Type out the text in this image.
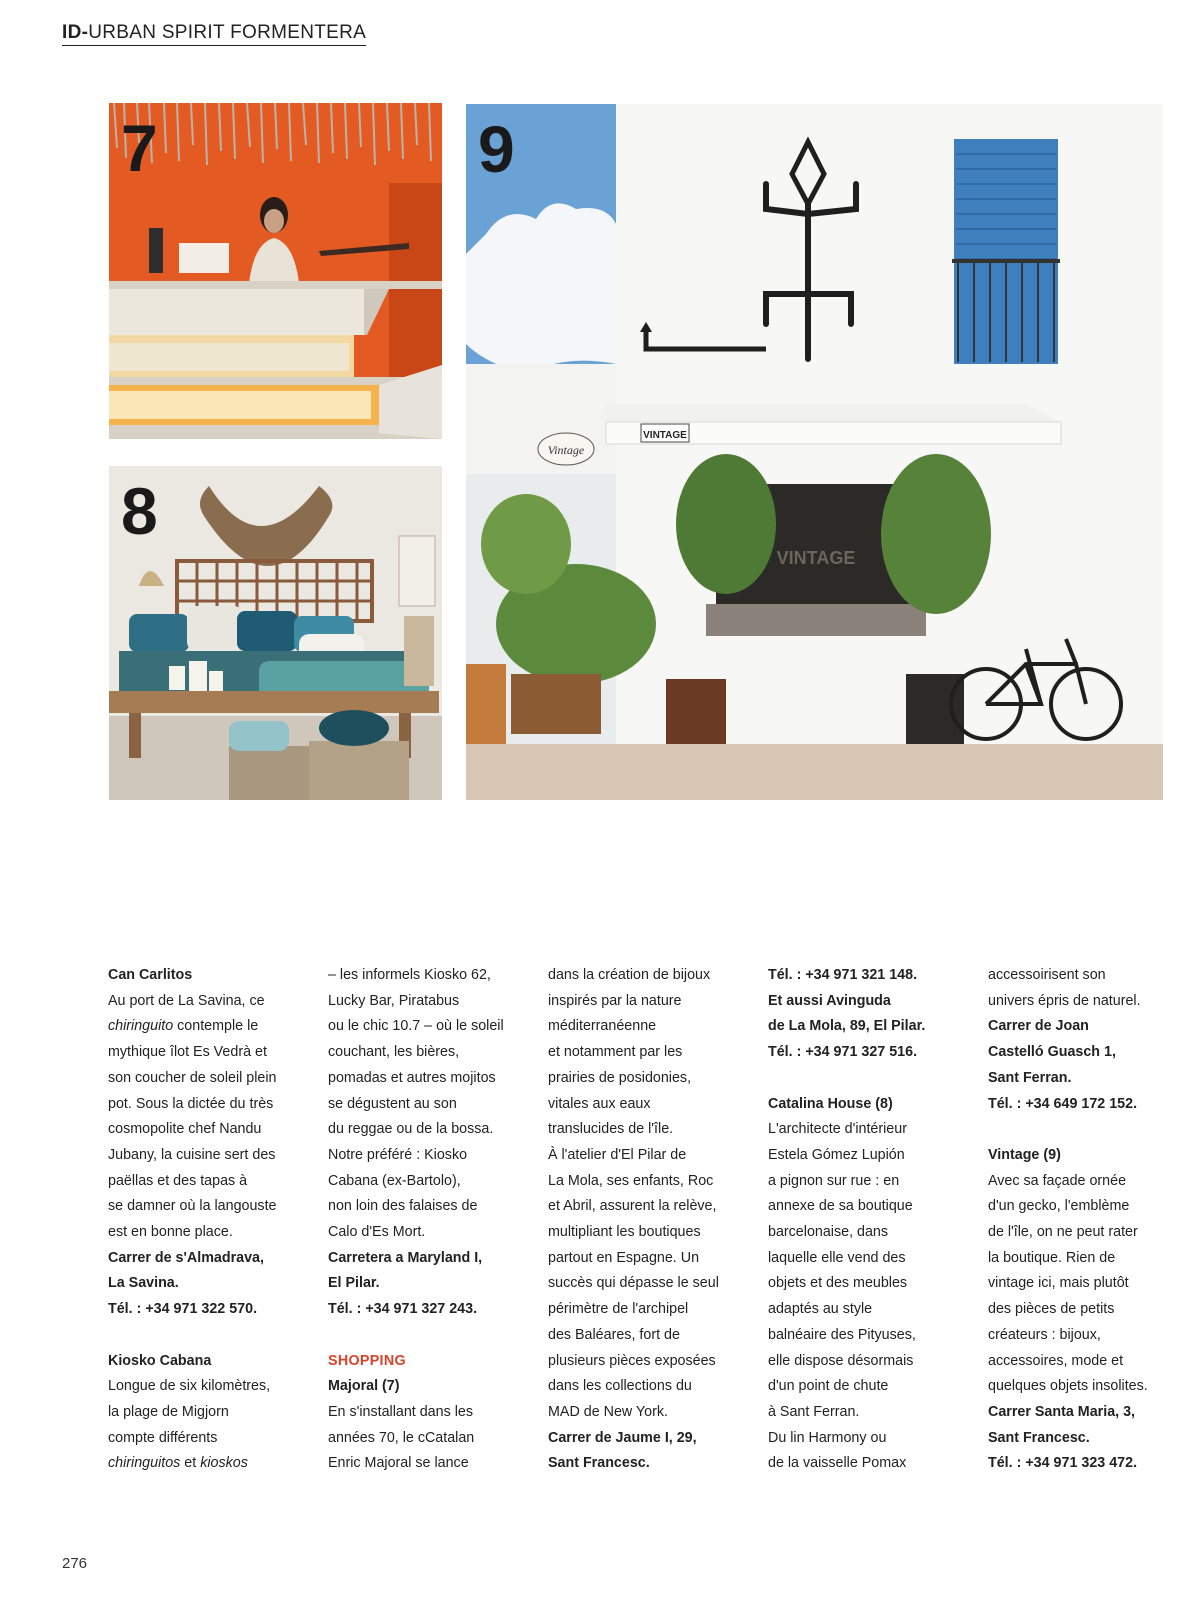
ID-URBAN SPIRIT FORMENTERA
7
8
VINTAGE
Vintage
VINTAGE
9
Can Carlitos
Au port de La Savina, ce
chiringuito contemple le
mythique îlot Es Vedrà et
son coucher de soleil plein
pot. Sous la dictée du très
cosmopolite chef Nandu
Jubany, la cuisine sert des
paëllas et des tapas à
se damner où la langouste
est en bonne place.
Carrer de s'Almadrava,
La Savina.
Tél. : +34 971 322 570.
Kiosko Cabana
Longue de six kilomètres,
la plage de Migjorn
compte différents
chiringuitos et kioskos
– les informels Kiosko 62,
Lucky Bar, Piratabus
ou le chic 10.7 – où le soleil
couchant, les bières,
pomadas et autres mojitos
se dégustent au son
du reggae ou de la bossa.
Notre préféré : Kiosko
Cabana (ex-Bartolo),
non loin des falaises de
Calo d'Es Mort.
Carretera a Maryland I,
El Pilar.
Tél. : +34 971 327 243.
SHOPPING
Majoral (7)
En s'installant dans les
années 70, le cCatalan
Enric Majoral se lance
dans la création de bijoux
inspirés par la nature
méditerranéenne
et notamment par les
prairies de posidonies,
vitales aux eaux
translucides de l'île.
À l'atelier d'El Pilar de
La Mola, ses enfants, Roc
et Abril, assurent la relève,
multipliant les boutiques
partout en Espagne. Un
succès qui dépasse le seul
périmètre de l'archipel
des Baléares, fort de
plusieurs pièces exposées
dans les collections du
MAD de New York.
Carrer de Jaume I, 29,
Sant Francesc.
Tél. : +34 971 321 148.
Et aussi Avinguda
de La Mola, 89, El Pilar.
Tél. : +34 971 327 516.
Catalina House (8)
L'architecte d'intérieur
Estela Gómez Lupión
a pignon sur rue : en
annexe de sa boutique
barcelonaise, dans
laquelle elle vend des
objets et des meubles
adaptés au style
balnéaire des Pityuses,
elle dispose désormais
d'un point de chute
à Sant Ferran.
Du lin Harmony ou
de la vaisselle Pomax
accessoirisent son
univers épris de naturel.
Carrer de Joan
Castelló Guasch 1,
Sant Ferran.
Tél. : +34 649 172 152.
Vintage (9)
Avec sa façade ornée
d'un gecko, l'emblème
de l'île, on ne peut rater
la boutique. Rien de
vintage ici, mais plutôt
des pièces de petits
créateurs : bijoux,
accessoires, mode et
quelques objets insolites.
Carrer Santa Maria, 3,
Sant Francesc.
Tél. : +34 971 323 472.
276
